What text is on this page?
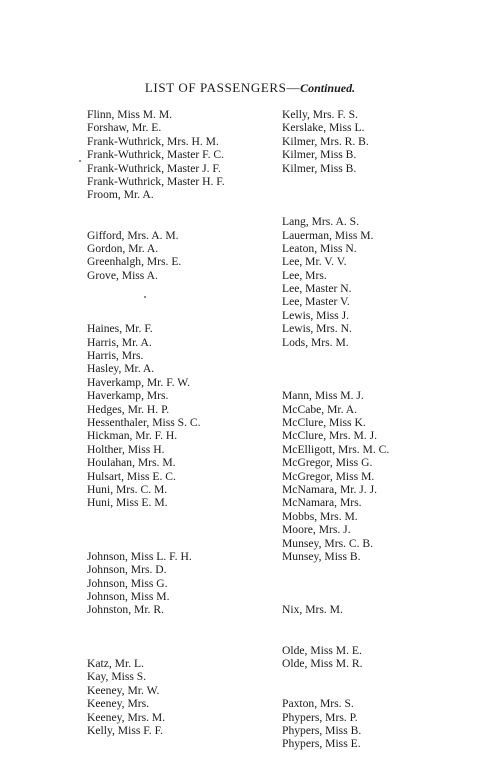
LIST OF PASSENGERS—Continued.
Flinn, Miss M. M.
Forshaw, Mr. E.
Frank-Wuthrick, Mrs. H. M.
Frank-Wuthrick, Master F. C.
Frank-Wuthrick, Master J. F.
Frank-Wuthrick, Master H. F.
Froom, Mr. A.
Gifford, Mrs. A. M.
Gordon, Mr. A.
Greenhalgh, Mrs. E.
Grove, Miss A.
Haines, Mr. F.
Harris, Mr. A.
Harris, Mrs.
Hasley, Mr. A.
Haverkamp, Mr. F. W.
Haverkamp, Mrs.
Hedges, Mr. H. P.
Hessenthaler, Miss S. C.
Hickman, Mr. F. H.
Holther, Miss H.
Houlahan, Mrs. M.
Hulsart, Miss E. C.
Huni, Mrs. C. M.
Huni, Miss E. M.
Johnson, Miss L. F. H.
Johnson, Mrs. D.
Johnson, Miss G.
Johnson, Miss M.
Johnston, Mr. R.
Katz, Mr. L.
Kay, Miss S.
Keeney, Mr. W.
Keeney, Mrs.
Keeney, Mrs. M.
Kelly, Miss F. F.
Kelly, Mrs. F. S.
Kerslake, Miss L.
Kilmer, Mrs. R. B.
Kilmer, Miss B.
Kilmer, Miss B.
Lang, Mrs. A. S.
Lauerman, Miss M.
Leaton, Miss N.
Lee, Mr. V. V.
Lee, Mrs.
Lee, Master N.
Lee, Master V.
Lewis, Miss J.
Lewis, Mrs. N.
Lods, Mrs. M.
Mann, Miss M. J.
McCabe, Mr. A.
McClure, Miss K.
McClure, Mrs. M. J.
McElligott, Mrs. M. C.
McGregor, Miss G.
McGregor, Miss M.
McNamara, Mr. J. J.
McNamara, Mrs.
Mobbs, Mrs. M.
Moore, Mrs. J.
Munsey, Mrs. C. B.
Munsey, Miss B.
Nix, Mrs. M.
Olde, Miss M. E.
Olde, Miss M. R.
Paxton, Mrs. S.
Phypers, Mrs. P.
Phypers, Miss B.
Phypers, Miss E.
